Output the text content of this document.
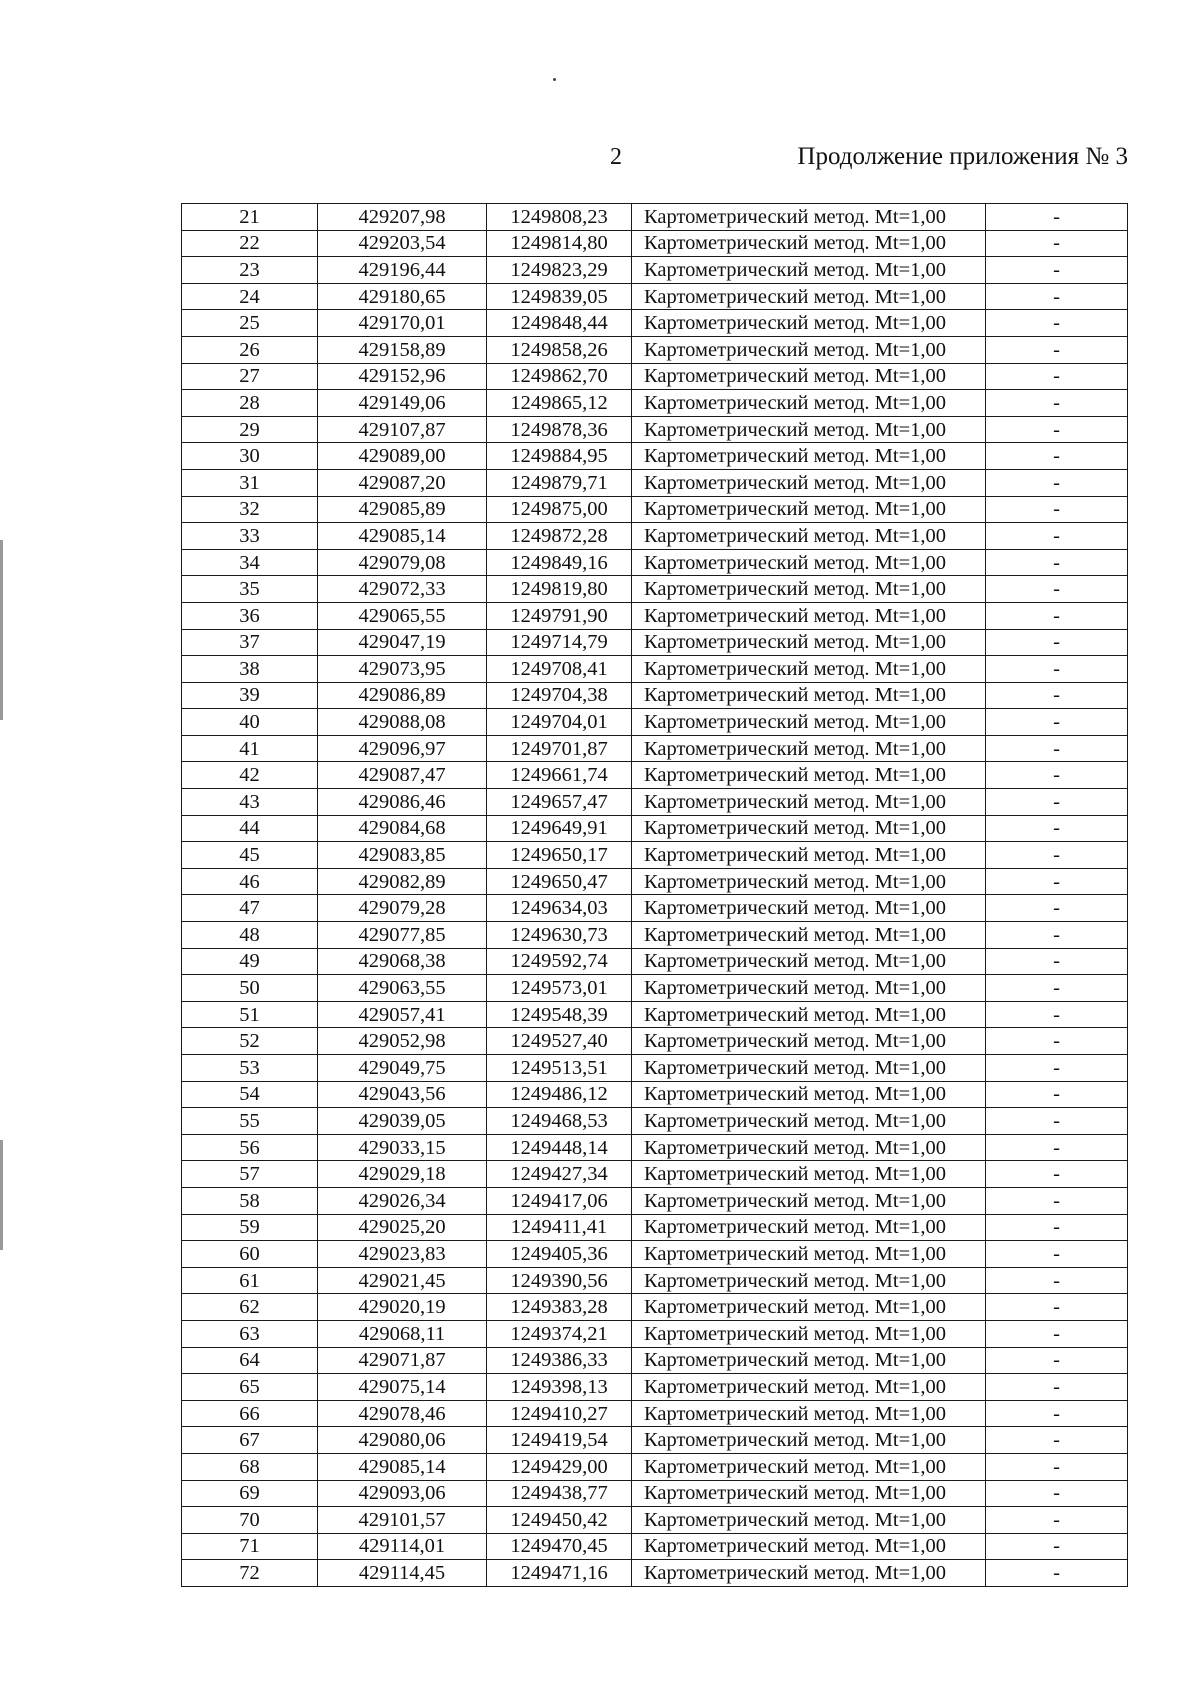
2	Продолжение приложения № 3
21	429207,98	1249808,23	Картометрический метод. Mt=1,00	-
22	429203,54	1249814,80	Картометрический метод. Mt=1,00	-
23	429196,44	1249823,29	Картометрический метод. Mt=1,00	-
24	429180,65	1249839,05	Картометрический метод. Mt=1,00	-
25	429170,01	1249848,44	Картометрический метод. Mt=1,00	-
26	429158,89	1249858,26	Картометрический метод. Mt=1,00	-
27	429152,96	1249862,70	Картометрический метод. Mt=1,00	-
28	429149,06	1249865,12	Картометрический метод. Mt=1,00	-
29	429107,87	1249878,36	Картометрический метод. Mt=1,00	-
30	429089,00	1249884,95	Картометрический метод. Mt=1,00	-
31	429087,20	1249879,71	Картометрический метод. Mt=1,00	-
32	429085,89	1249875,00	Картометрический метод. Mt=1,00	-
33	429085,14	1249872,28	Картометрический метод. Mt=1,00	-
34	429079,08	1249849,16	Картометрический метод. Mt=1,00	-
35	429072,33	1249819,80	Картометрический метод. Mt=1,00	-
36	429065,55	1249791,90	Картометрический метод. Mt=1,00	-
37	429047,19	1249714,79	Картометрический метод. Mt=1,00	-
38	429073,95	1249708,41	Картометрический метод. Mt=1,00	-
39	429086,89	1249704,38	Картометрический метод. Mt=1,00	-
40	429088,08	1249704,01	Картометрический метод. Mt=1,00	-
41	429096,97	1249701,87	Картометрический метод. Mt=1,00	-
42	429087,47	1249661,74	Картометрический метод. Mt=1,00	-
43	429086,46	1249657,47	Картометрический метод. Mt=1,00	-
44	429084,68	1249649,91	Картометрический метод. Mt=1,00	-
45	429083,85	1249650,17	Картометрический метод. Mt=1,00	-
46	429082,89	1249650,47	Картометрический метод. Mt=1,00	-
47	429079,28	1249634,03	Картометрический метод. Mt=1,00	-
48	429077,85	1249630,73	Картометрический метод. Mt=1,00	-
49	429068,38	1249592,74	Картометрический метод. Mt=1,00	-
50	429063,55	1249573,01	Картометрический метод. Mt=1,00	-
51	429057,41	1249548,39	Картометрический метод. Mt=1,00	-
52	429052,98	1249527,40	Картометрический метод. Mt=1,00	-
53	429049,75	1249513,51	Картометрический метод. Mt=1,00	-
54	429043,56	1249486,12	Картометрический метод. Mt=1,00	-
55	429039,05	1249468,53	Картометрический метод. Mt=1,00	-
56	429033,15	1249448,14	Картометрический метод. Mt=1,00	-
57	429029,18	1249427,34	Картометрический метод. Mt=1,00	-
58	429026,34	1249417,06	Картометрический метод. Mt=1,00	-
59	429025,20	1249411,41	Картометрический метод. Mt=1,00	-
60	429023,83	1249405,36	Картометрический метод. Mt=1,00	-
61	429021,45	1249390,56	Картометрический метод. Mt=1,00	-
62	429020,19	1249383,28	Картометрический метод. Mt=1,00	-
63	429068,11	1249374,21	Картометрический метод. Mt=1,00	-
64	429071,87	1249386,33	Картометрический метод. Mt=1,00	-
65	429075,14	1249398,13	Картометрический метод. Mt=1,00	-
66	429078,46	1249410,27	Картометрический метод. Mt=1,00	-
67	429080,06	1249419,54	Картометрический метод. Mt=1,00	-
68	429085,14	1249429,00	Картометрический метод. Mt=1,00	-
69	429093,06	1249438,77	Картометрический метод. Mt=1,00	-
70	429101,57	1249450,42	Картометрический метод. Mt=1,00	-
71	429114,01	1249470,45	Картометрический метод. Mt=1,00	-
72	429114,45	1249471,16	Картометрический метод. Mt=1,00	-
